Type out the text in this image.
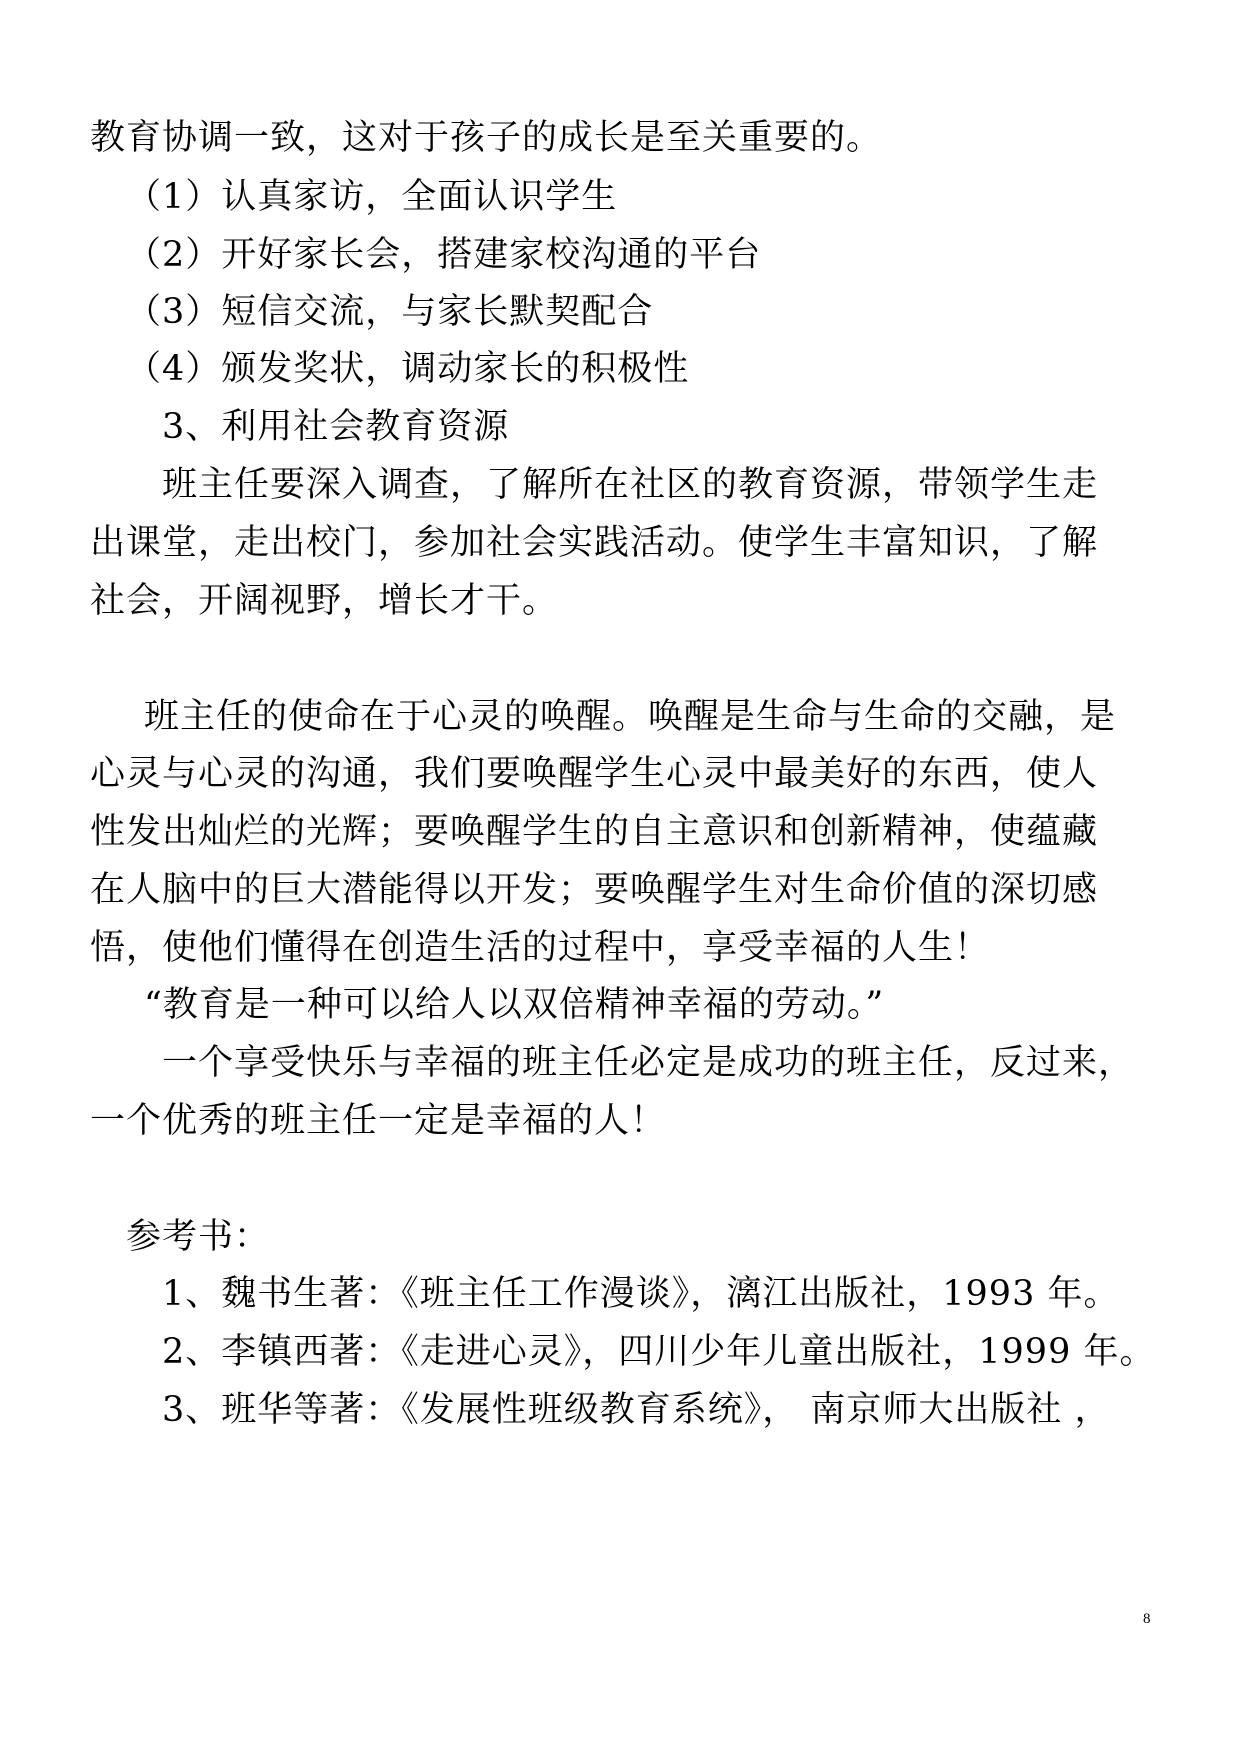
教育协调一致，这对于孩子的成长是至关重要的。
（1）认真家访，全面认识学生
（2）开好家长会，搭建家校沟通的平台
（3）短信交流，与家长默契配合
（4）颁发奖状，调动家长的积极性
3、利用社会教育资源
班主任要深入调查，了解所在社区的教育资源，带领学生走
出课堂，走出校门，参加社会实践活动。使学生丰富知识，了解
社会，开阔视野，增长才干。
班主任的使命在于心灵的唤醒。唤醒是生命与生命的交融，是
心灵与心灵的沟通，我们要唤醒学生心灵中最美好的东西，使人
性发出灿烂的光辉；要唤醒学生的自主意识和创新精神，使蕴藏
在人脑中的巨大潜能得以开发；要唤醒学生对生命价值的深切感
悟，使他们懂得在创造生活的过程中，享受幸福的人生！
“教育是一种可以给人以双倍精神幸福的劳动。”
一个享受快乐与幸福的班主任必定是成功的班主任，反过来，
一个优秀的班主任一定是幸福的人！
参考书：
1、魏书生著：《班主任工作漫谈》，漓江出版社，1993 年。
2、李镇西著：《走进心灵》，四川少年儿童出版社，1999 年。
3、班华等著：《发展性班级教育系统》， 南京师大出版社 ，
8
